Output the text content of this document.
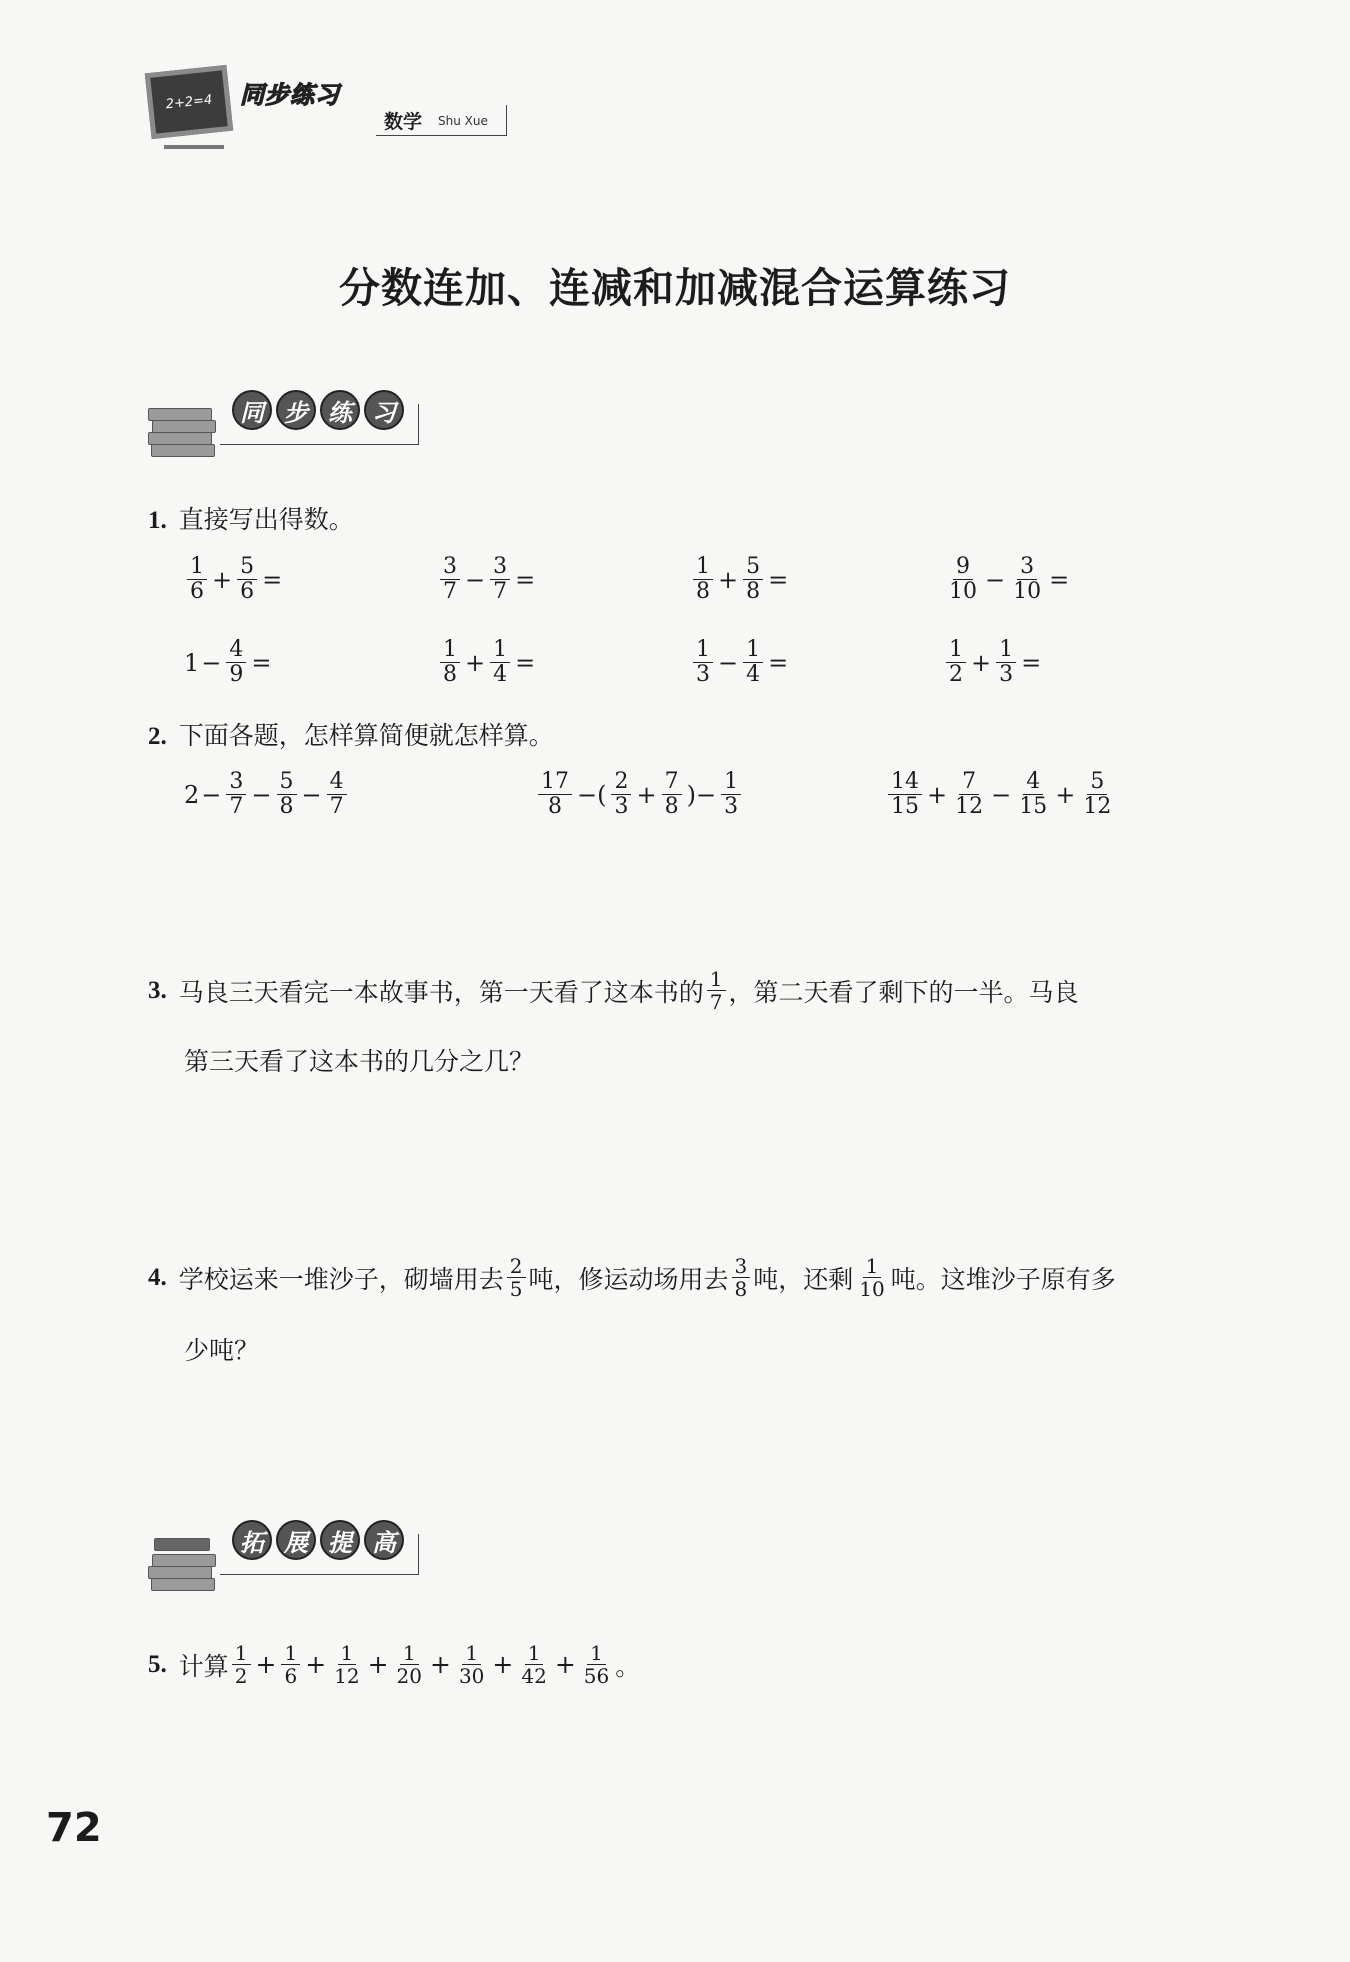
2+2=4 同步练习
数学 Shu Xue
分数连加、连减和加减混合运算练习
同 步 练 习
1. 直接写出得数。
$\frac{1}{6} + \frac{5}{6}$ =	$\frac{3}{7} - \frac{3}{7}$ =	$\frac{1}{8} + \frac{5}{8}$ =	$\frac{9}{10} - \frac{3}{10}$ =
$1 - \frac{4}{9}$ =	$\frac{1}{8} + \frac{1}{4}$ =	$\frac{1}{3} - \frac{1}{4}$ =	$\frac{1}{2} + \frac{1}{3}$ =
2. 下面各题，怎样算简便就怎样算。
$2 - \frac{3}{7} - \frac{5}{8} - \frac{4}{7}$	$\frac{17}{8}$ −( $\frac{2}{3} + \frac{7}{8}$ )− $\frac{1}{3}$	$\frac{14}{15} + \frac{7}{12} - \frac{4}{15} + \frac{5}{12}$
3. 马良三天看完一本故事书，第一天看了这本书的 $\frac{1}{7}$ ，第二天看了剩下的一半。马良
第三天看了这本书的几分之几？
4. 学校运来一堆沙子，砌墙用去 $\frac{2}{5}$ 吨，修运动场用去 $\frac{3}{8}$ 吨，还剩 $\frac{1}{10}$ 吨。这堆沙子原有多
少吨？
拓 展 提 高
5. 计算 $\frac{1}{2} + \frac{1}{6} + \frac{1}{12} + \frac{1}{20} + \frac{1}{30} + \frac{1}{42} + \frac{1}{56}$ 。
72
